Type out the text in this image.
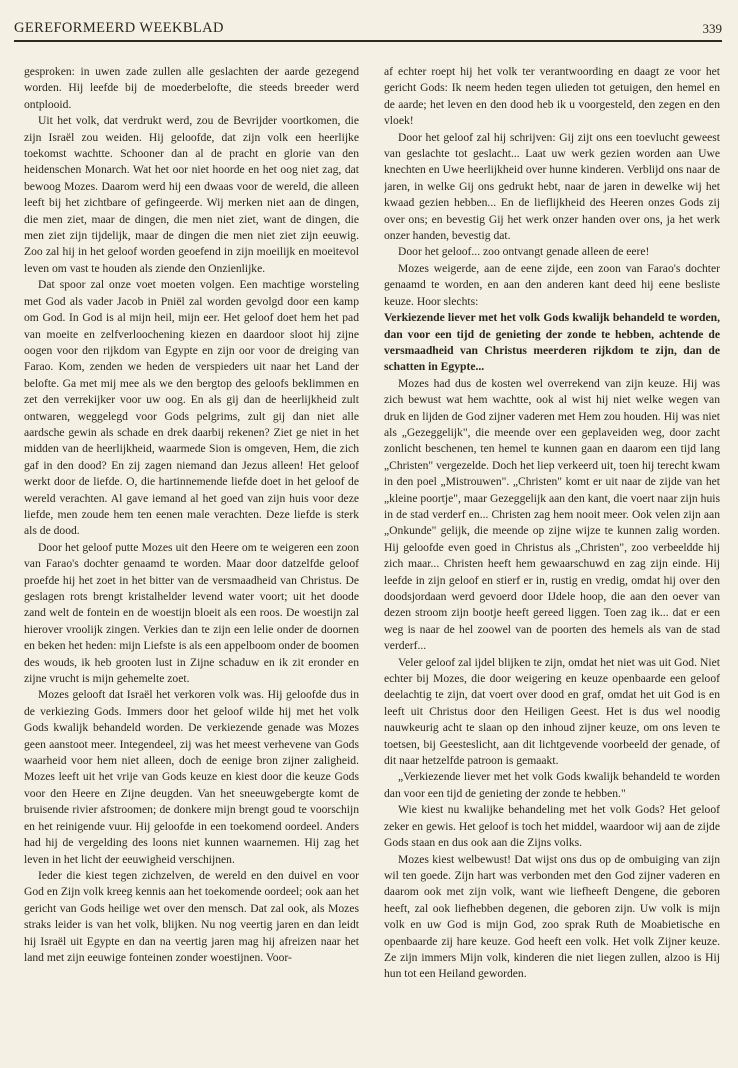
GEREFORMEERD WEEKBLAD	339

gesproken: in uwen zade zullen alle geslachten der aarde gezegend worden. Hij leefde bij de moederbelofte, die steeds breeder werd ontplooid.

Uit het volk, dat verdrukt werd, zou de Bevrijder voortkomen, die zijn Israël zou weiden. Hij geloofde, dat zijn volk een heerlijke toekomst wachtte. Schooner dan al de pracht en glorie van den heidenschen Monarch. Wat het oor niet hoorde en het oog niet zag, dat bewoog Mozes. Daarom werd hij een dwaas voor de wereld, die alleen leeft bij het zichtbare of gefingeerde. Wij merken niet aan de dingen, die men ziet, maar de dingen, die men niet ziet, want de dingen, die men ziet zijn tijdelijk, maar de dingen die men niet ziet zijn eeuwig. Zoo zal hij in het geloof worden geoefend in zijn moeilijk en moeitevol leven om vast te houden als ziende den Onzienlijke.

Dat spoor zal onze voet moeten volgen. Een machtige worsteling met God als vader Jacob in Pniël zal worden gevolgd door een kamp om God. In God is al mijn heil, mijn eer. Het geloof doet hem het pad van moeite en zelfverloochening kiezen en daardoor sloot hij zijne oogen voor den rijkdom van Egypte en zijn oor voor de dreiging van Farao. Kom, zenden we heden de verspieders uit naar het Land der belofte. Ga met mij mee als we den bergtop des geloofs beklimmen en zet den verrekijker voor uw oog. En als gij dan de heerlijkheid zult ontwaren, weggelegd voor Gods pelgrims, zult gij dan niet alle aardsche gewin als schade en drek daarbij rekenen? Ziet ge niet in het midden van de heerlijkheid, waarmede Sion is omgeven, Hem, die zich gaf in den dood? En zij zagen niemand dan Jezus alleen! Het geloof werkt door de liefde. O, die hartinnemende liefde doet in het geloof de wereld verachten. Al gave iemand al het goed van zijn huis voor deze liefde, men zoude hem ten eenen male verachten. Deze liefde is sterk als de dood.

Door het geloof putte Mozes uit den Heere om te weigeren een zoon van Farao's dochter genaamd te worden. Maar door datzelfde geloof proefde hij het zoet in het bitter van de versmaadheid van Christus. De geslagen rots brengt kristalhelder levend water voort; uit het doode zand welt de fontein en de woestijn bloeit als een roos. De woestijn zal hierover vroolijk zingen. Verkies dan te zijn een lelie onder de doornen en beken het heden: mijn Liefste is als een appelboom onder de boomen des wouds, ik heb grooten lust in Zijne schaduw en ik zit eronder en zijne vrucht is mijn gehemelte zoet.

Mozes gelooft dat Israël het verkoren volk was. Hij geloofde dus in de verkiezing Gods. Immers door het geloof wilde hij met het volk Gods kwalijk behandeld worden. De verkiezende genade was Mozes geen aanstoot meer. Integendeel, zij was het meest verhevene van Gods waarheid voor hem niet alleen, doch de eenige bron zijner zaligheid. Mozes leeft uit het vrije van Gods keuze en kiest door die keuze Gods voor den Heere en Zijne deugden. Van het sneeuwgebergte komt de bruisende rivier afstroomen; de donkere mijn brengt goud te voorschijn en het reinigende vuur. Hij geloofde in een toekomend oordeel. Anders had hij de vergelding des loons niet kunnen waarnemen. Hij zag het leven in het licht der eeuwigheid verschijnen.

Ieder die kiest tegen zichzelven, de wereld en den duivel en voor God en Zijn volk kreeg kennis aan het toekomende oordeel; ook aan het gericht van Gods heilige wet over den mensch. Dat zal ook, als Mozes straks leider is van het volk, blijken. Nu nog veertig jaren en dan leidt hij Israël uit Egypte en dan na veertig jaren mag hij afreizen naar het land met zijn eeuwige fonteinen zonder woestijnen. Voor-

af echter roept hij het volk ter verantwoording en daagt ze voor het gericht Gods: Ik neem heden tegen ulieden tot getuigen, den hemel en de aarde; het leven en den dood heb ik u voorgesteld, den zegen en den vloek!

Door het geloof zal hij schrijven: Gij zijt ons een toevlucht geweest van geslachte tot geslacht... Laat uw werk gezien worden aan Uwe knechten en Uwe heerlijkheid over hunne kinderen. Verblijd ons naar de jaren, in welke Gij ons gedrukt hebt, naar de jaren in dewelke wij het kwaad gezien hebben... En de lieflijkheid des Heeren onzes Gods zij over ons; en bevestig Gij het werk onzer handen over ons, ja het werk onzer handen, bevestig dat.

Door het geloof... zoo ontvangt genade alleen de eere!

Mozes weigerde, aan de eene zijde, een zoon van Farao's dochter genaamd te worden, en aan den anderen kant deed hij eene besliste keuze. Hoor slechts:

Verkiezende liever met het volk Gods kwalijk behandeld te worden, dan voor een tijd de genieting der zonde te hebben, achtende de versmaadheid van Christus meerderen rijkdom te zijn, dan de schatten in Egypte...

Mozes had dus de kosten wel overrekend van zijn keuze. Hij was zich bewust wat hem wachtte, ook al wist hij niet welke wegen van druk en lijden de God zijner vaderen met Hem zou houden. Hij was niet als „Gezeggelijk", die meende over een geplaveiden weg, door zacht zonlicht beschenen, ten hemel te kunnen gaan en daarom een tijd lang „Christen" vergezelde. Doch het liep verkeerd uit, toen hij terecht kwam in den poel „Mistrouwen". „Christen" komt er uit naar de zijde van het „kleine poortje", maar Gezeggelijk aan den kant, die voert naar zijn huis in de stad verderf en... Christen zag hem nooit meer. Ook velen zijn aan „Onkunde" gelijk, die meende op zijne wijze te kunnen zalig worden. Hij geloofde even goed in Christus als „Christen", zoo verbeeldde hij zich maar... Christen heeft hem gewaarschuwd en zag zijn einde. Hij leefde in zijn geloof en stierf er in, rustig en vredig, omdat hij over den doodsjordaan werd gevoerd door IJdele hoop, die aan den oever van dezen stroom zijn bootje heeft gereed liggen. Toen zag ik... dat er een weg is naar de hel zoowel van de poorten des hemels als van de stad verderf...

Veler geloof zal ijdel blijken te zijn, omdat het niet was uit God. Niet echter bij Mozes, die door weigering en keuze openbaarde een geloof deelachtig te zijn, dat voert over dood en graf, omdat het uit God is en leeft uit Christus door den Heiligen Geest. Het is dus wel noodig nauwkeurig acht te slaan op den inhoud zijner keuze, om ons leven te toetsen, bij Geesteslicht, aan dit lichtgevende voorbeeld der genade, of dit naar hetzelfde patroon is gemaakt.

„Verkiezende liever met het volk Gods kwalijk behandeld te worden dan voor een tijd de genieting der zonde te hebben."

Wie kiest nu kwalijke behandeling met het volk Gods? Het geloof zeker en gewis. Het geloof is toch het middel, waardoor wij aan de zijde Gods staan en dus ook aan die Zijns volks.

Mozes kiest welbewust! Dat wijst ons dus op de ombuiging van zijn wil ten goede. Zijn hart was verbonden met den God zijner vaderen en daarom ook met zijn volk, want wie liefheeft Dengene, die geboren heeft, zal ook liefhebben degenen, die geboren zijn. Uw volk is mijn volk en uw God is mijn God, zoo sprak Ruth de Moabietische en openbaarde zij hare keuze. God heeft een volk. Het volk Zijner keuze. Ze zijn immers Mijn volk, kinderen die niet liegen zullen, alzoo is Hij hun tot een Heiland geworden.
